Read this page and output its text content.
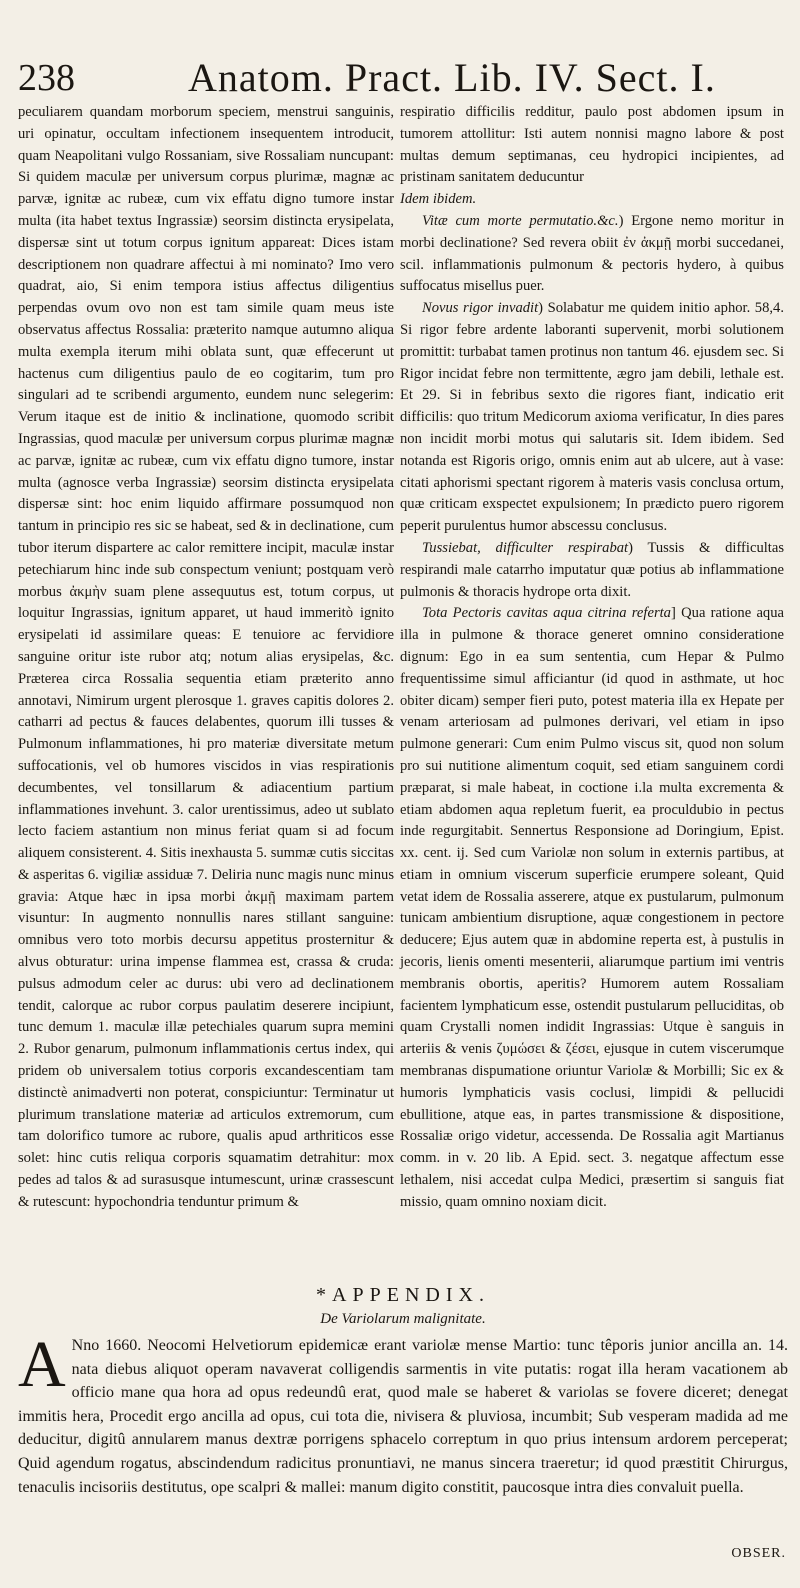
238	Anatom. Pract. Lib. IV. Sect. I.

peculiarem quandam morborum speciem, menstrui sanguinis, uri opinatur, occultam infectionem insequentem introducit, quam Neapolitani vulgo Rossaniam, sive Rossaliam nuncupant: Si quidem maculæ per universum corpus plurimæ, magnæ ac parvæ, ignitæ ac rubeæ, cum vix effatu digno tumore instar multa (ita habet textus Ingrassiæ) seorsim distincta erysipelata, dispersæ sint ut totum corpus ignitum appareat: Dices istam descriptionem non quadrare affectui à mi nominato? Imo vero quadrat, aio, Si enim tempora istius affectus diligentius perpendas ovum ovo non est tam simile quam meus iste observatus affectus Rossalia: præterito namque autumno aliqua multa exempla iterum mihi oblata sunt, quæ effecerunt ut hactenus cum diligentius paulo de eo cogitarim, tum pro singulari ad te scribendi argumento, eundem nunc selegerim: Verum itaque est de initio & inclinatione, quomodo scribit Ingrassias, quod maculæ per universum corpus plurimæ magnæ ac parvæ, ignitæ ac rubeæ, cum vix effatu digno tumore, instar multa (agnosce verba Ingrassiæ) seorsim distincta erysipelata dispersæ sint: hoc enim liquido affirmare possumquod non tantum in principio res sic se habeat, sed & in declinatione, cum tubor iterum dispartere ac calor remittere incipit, maculæ instar petechiarum hinc inde sub conspectum veniunt; postquam verò morbus ἀκμὴν suam plene assequutus est, totum corpus, ut loquitur Ingrassias, ignitum apparet, ut haud immeritò ignito erysipelati id assimilare queas: E tenuiore ac fervidiore sanguine oritur iste rubor atq; notum alias erysipelas, &c. Præterea circa Rossalia sequentia etiam præterito anno annotavi, Nimirum urgent plerosque 1. graves capitis dolores 2. catharri ad pectus & fauces delabentes, quorum illi tusses & Pulmonum inflammationes, hi pro materiæ diversitate metum suffocationis, vel ob humores viscidos in vias respirationis decumbentes, vel tonsillarum & adiacentium partium inflammationes invehunt. 3. calor urentissimus, adeo ut sublato lecto faciem astantium non minus feriat quam si ad focum aliquem consisterent. 4. Sitis inexhausta 5. summæ cutis siccitas & asperitas 6. vigiliæ assiduæ 7. Deliria nunc magis nunc minus gravia: Atque hæc in ipsa morbi ἀκμῇ maximam partem visuntur: In augmento nonnullis nares stillant sanguine: omnibus vero toto morbis decursu appetitus prosternitur & alvus obturatur: urina impense flammea est, crassa & cruda: pulsus admodum celer ac durus: ubi vero ad declinationem tendit, calorque ac rubor corpus paulatim deserere incipiunt, tunc demum 1. maculæ illæ petechiales quarum supra memini 2. Rubor genarum, pulmonum inflammationis certus index, qui pridem ob universalem totius corporis excandescentiam tam distinctè animadverti non poterat, conspiciuntur: Terminatur ut plurimum translatione materiæ ad articulos extremorum, cum tam dolorifico tumore ac rubore, qualis apud arthriticos esse solet: hinc cutis reliqua corporis squamatim detrahitur: mox pedes ad talos & ad surasusque intumescunt, urinæ crassescunt & rutescunt: hypochondria tenduntur primum &

respiratio difficilis redditur, paulo post abdomen ipsum in tumorem attollitur: Isti autem nonnisi magno labore & post multas demum septimanas, ceu hydropici incipientes, ad pristinam sanitatem deducuntur

Idem ibidem.

Vitæ cum morte permutatio.&c.) Ergone nemo moritur in morbi declinatione? Sed revera obiit ἐν ἀκμῇ morbi succedanei, scil. inflammationis pulmonum & pectoris hydero, à quibus suffocatus misellus puer.

Novus rigor invadit) Solabatur me quidem initio aphor. 58,4. Si rigor febre ardente laboranti supervenit, morbi solutionem promittit: turbabat tamen protinus non tantum 46. ejusdem sec. Si Rigor incidat febre non termittente, ægro jam debili, lethale est. Et 29. Si in febribus sexto die rigores fiant, indicatio erit difficilis: quo tritum Medicorum axioma verificatur, In dies pares non incidit morbi motus qui salutaris sit. Idem ibidem. Sed notanda est Rigoris origo, omnis enim aut ab ulcere, aut à vase: citati aphorismi spectant rigorem à materis vasis conclusa ortum, quæ criticam exspectet expulsionem; In prædicto puero rigorem peperit purulentus humor abscessu conclusus.

Tussiebat, difficulter respirabat) Tussis & difficultas respirandi male catarrho imputatur quæ potius ab inflammatione pulmonis & thoracis hydrope orta dixit.

Tota Pectoris cavitas aqua citrina referta] Qua ratione aqua illa in pulmone & thorace generet omnino consideratione dignum: Ego in ea sum sententia, cum Hepar & Pulmo frequentissime simul afficiantur (id quod in asthmate, ut hoc obiter dicam) semper fieri puto, potest materia illa ex Hepate per venam arteriosam ad pulmones derivari, vel etiam in ipso pulmone generari: Cum enim Pulmo viscus sit, quod non solum pro sui nutitione alimentum coquit, sed etiam sanguinem cordi præparat, si male habeat, in coctione i.la multa excrementa & etiam abdomen aqua repletum fuerit, ea proculdubio in pectus inde regurgitabit. Sennertus Responsione ad Doringium, Epist. xx. cent. ij. Sed cum Variolæ non solum in externis partibus, at etiam in omnium viscerum superficie erumpere soleant, Quid vetat idem de Rossalia asserere, atque ex pustularum, pulmonum tunicam ambientium disruptione, aquæ congestionem in pectore deducere; Ejus autem quæ in abdomine reperta est, à pustulis in jecoris, lienis omenti mesenterii, aliarumque partium imi ventris membranis obortis, aperitis? Humorem autem Rossaliam facientem lymphaticum esse, ostendit pustularum pelluciditas, ob quam Crystalli nomen indidit Ingrassias: Utque è sanguis in arteriis & venis ζυμώσει & ζέσει, ejusque in cutem viscerumque membranas dispumatione oriuntur Variolæ & Morbilli; Sic ex & humoris lymphaticis vasis coclusi, limpidi & pellucidi ebullitione, atque eas, in partes transmissione & dispositione, Rossaliæ origo videtur, accessenda. De Rossalia agit Martianus comm. in v. 20 lib. A Epid. sect. 3. negatque affectum esse lethalem, nisi accedat culpa Medici, præsertim si sanguis fiat missio, quam omnino noxiam dicit.

*APPENDIX.
De Variolarum malignitate.
A Nno 1660. Neocomi Helvetiorum epidemicæ erant variolæ mense Martio: tunc têporis junior ancilla an. 14. nata diebus aliquot operam navaverat colligendis sarmentis in vite putatis: rogat illa heram vacationem ab officio mane qua hora ad opus redeundû erat, quod male se haberet & variolas se fovere diceret; denegat immitis hera, Procedit ergo ancilla ad opus, cui tota die, nivisera & pluviosa, incumbit; Sub vesperam madida ad me deducitur, digitû annularem manus dextræ porrigens sphacelo correptum in quo prius intensum ardorem perceperat; Quid agendum rogatus, abscindendum radicitus pronuntiavi, ne manus sincera traeretur; id quod præstitit Chirurgus, tenaculis incisoriis destitutus, ope scalpri & mallei: manum digito constitit, paucosque intra dies convaluit puella.
OBSER.
